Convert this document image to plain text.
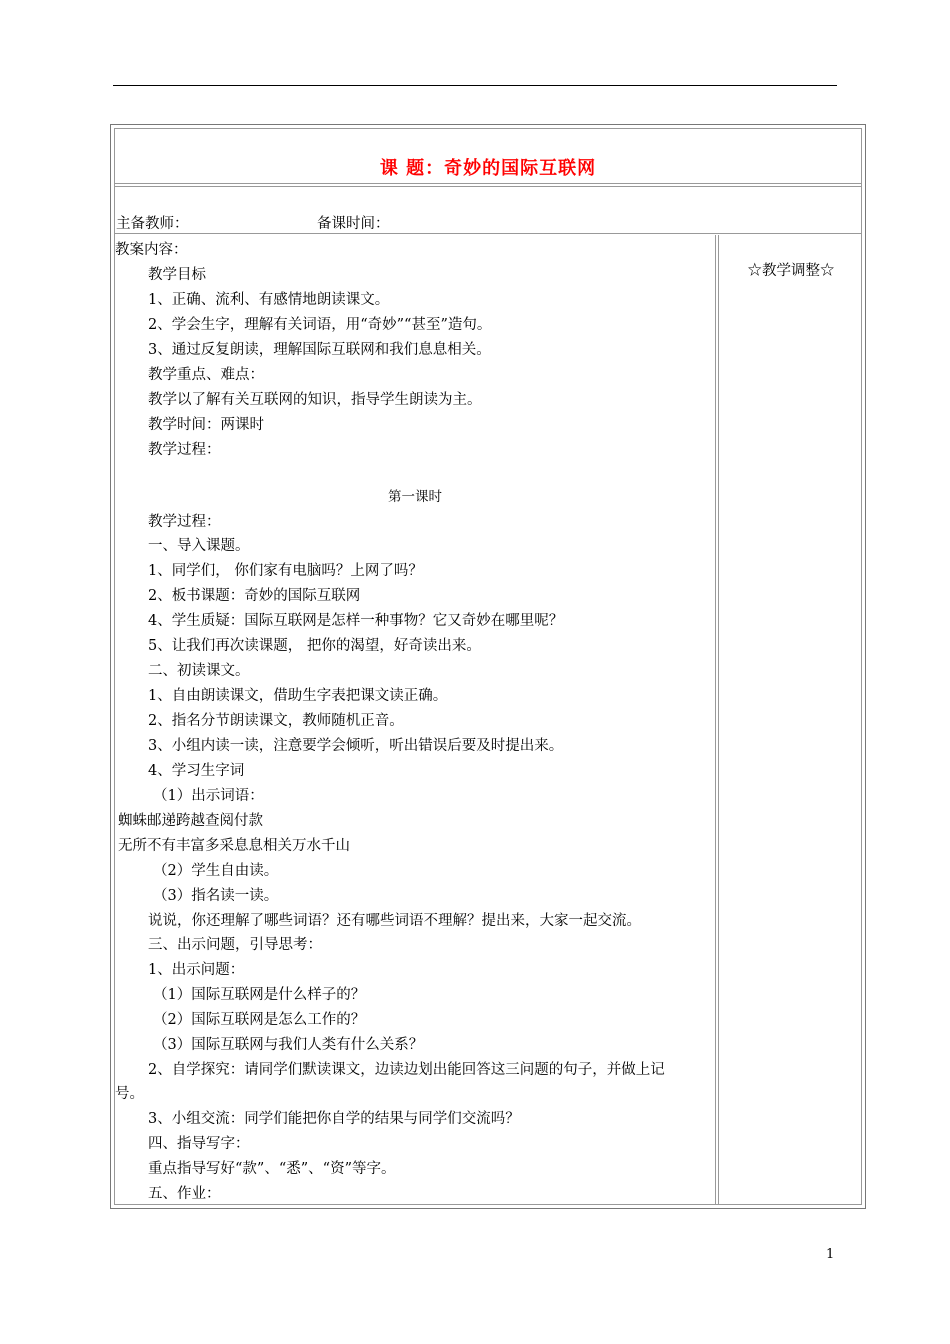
课 题：奇妙的国际互联网
主备教师：	备课时间：
教案内容：
教学目标
1、正确、流利、有感情地朗读课文。
2、学会生字，理解有关词语，用“奇妙”“甚至”造句。
3、通过反复朗读，理解国际互联网和我们息息相关。
教学重点、难点：
教学以了解有关互联网的知识，指导学生朗读为主。
教学时间：两课时
教学过程：
第一课时
教学过程：
一、导入课题。
1、同学们， 你们家有电脑吗？上网了吗？
2、板书课题：奇妙的国际互联网
4、学生质疑：国际互联网是怎样一种事物？它又奇妙在哪里呢？
5、让我们再次读课题， 把你的渴望，好奇读出来。
二、初读课文。
1、自由朗读课文，借助生字表把课文读正确。
2、指名分节朗读课文，教师随机正音。
3、小组内读一读，注意要学会倾听，听出错误后要及时提出来。
4、学习生字词
（1）出示词语：
蜘蛛邮递跨越查阅付款
无所不有丰富多采息息相关万水千山
（2）学生自由读。
（3）指名读一读。
说说，你还理解了哪些词语？还有哪些词语不理解？提出来，大家一起交流。
三、出示问题，引导思考：
1、出示问题：
（1）国际互联网是什么样子的？
（2）国际互联网是怎么工作的？
（3）国际互联网与我们人类有什么关系？
2、自学探究：请同学们默读课文，边读边划出能回答这三问题的句子，并做上记
号。
3、小组交流：同学们能把你自学的结果与同学们交流吗？
四、指导写字：
重点指导写好“款”、“悉”、“资”等字。
五、作业：
☆教学调整☆
1
